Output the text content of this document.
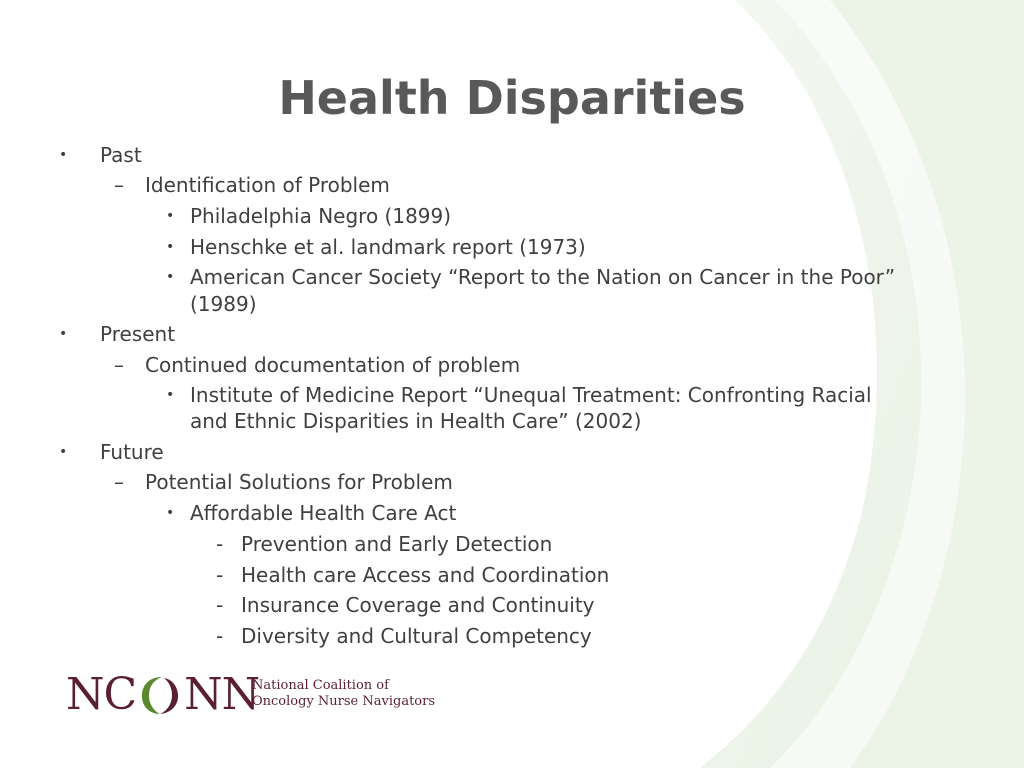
Health Disparities
• Past
– Identification of Problem
• Philadelphia Negro (1899)
• Henschke et al. landmark report (1973)
• American Cancer Society “Report to the Nation on Cancer in the Poor”
(1989)
• Present
– Continued documentation of problem
• Institute of Medicine Report “Unequal Treatment: Confronting Racial
and Ethnic Disparities in Health Care” (2002)
• Future
– Potential Solutions for Problem
• Affordable Health Care Act
- Prevention and Early Detection
- Health care Access and Coordination
- Insurance Coverage and Continuity
- Diversity and Cultural Competency
NC NN
National Coalition of
Oncology Nurse Navigators
